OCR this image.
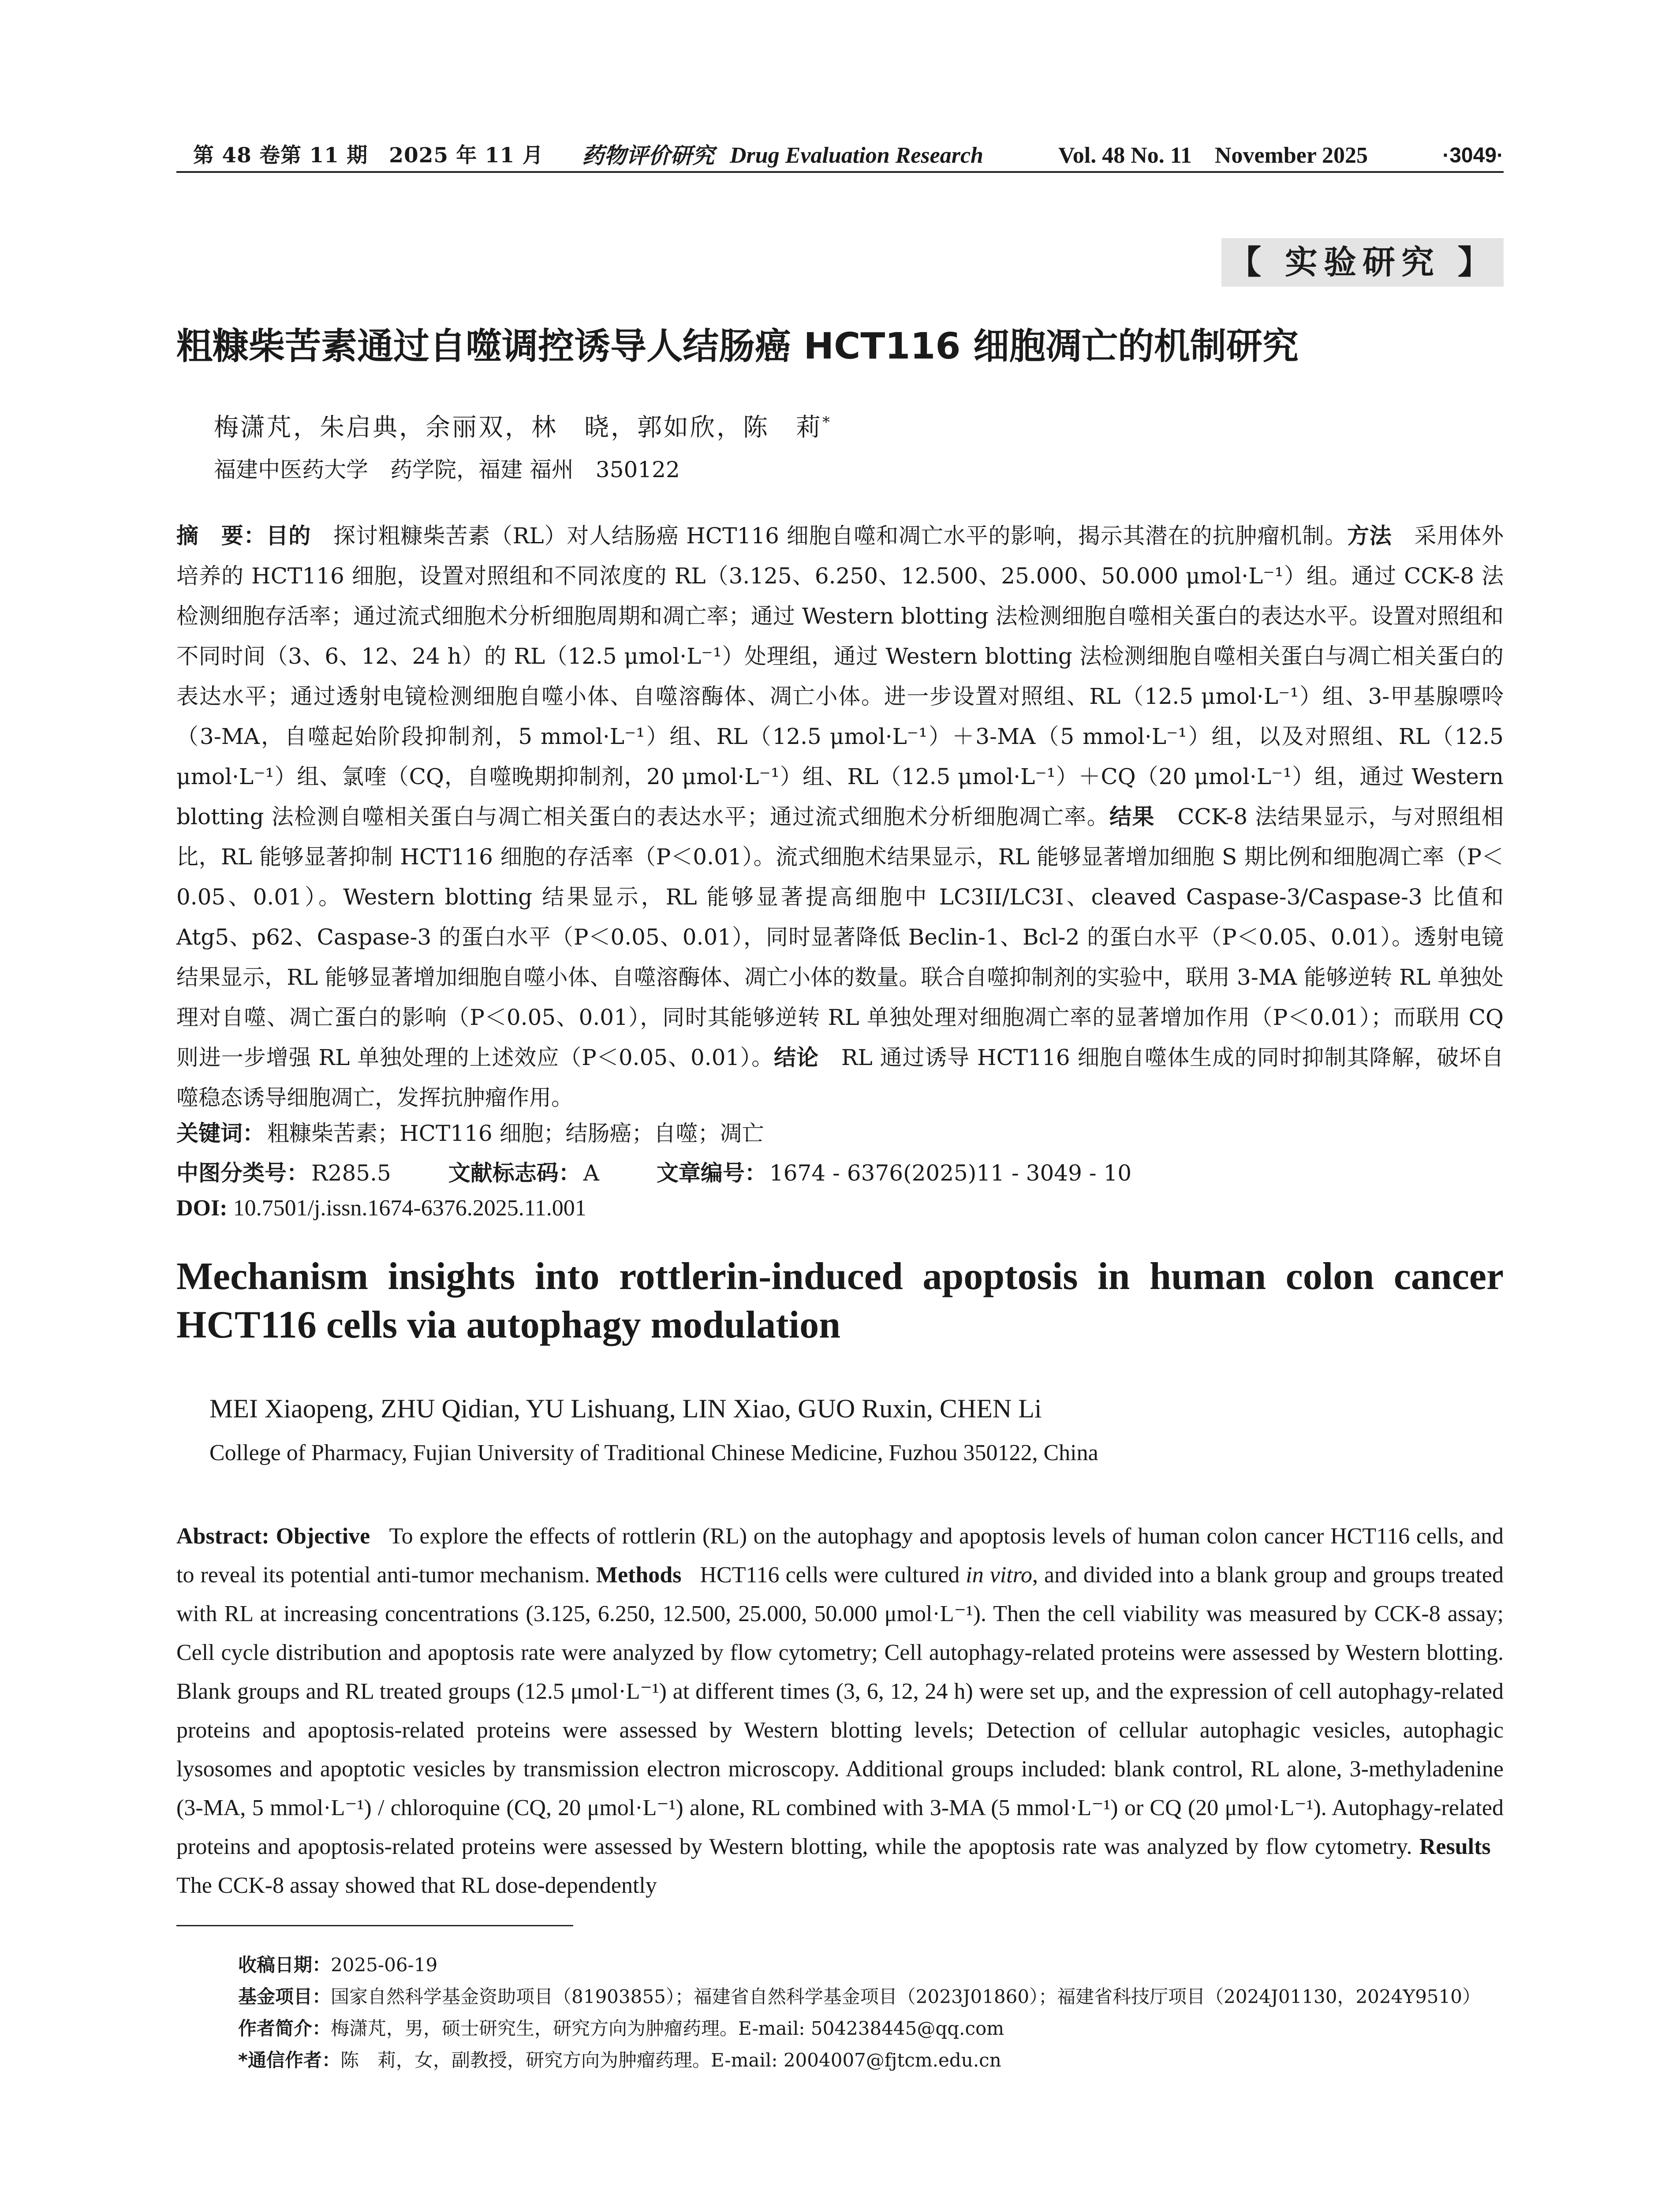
第 48 卷第 11 期　2025 年 11 月 药物评价研究 Drug Evaluation Research	Vol. 48 No. 11　November 2025	·3049·
【 实验研究 】
粗糠柴苦素通过自噬调控诱导人结肠癌 HCT116 细胞凋亡的机制研究
梅潇芃，朱启典，余丽双，林　晓，郭如欣，陈　莉*
福建中医药大学　药学院，福建 福州　350122

摘　要：目的　 探讨粗糠柴苦素（RL）对人结肠癌 HCT116 细胞自噬和凋亡水平的影响，揭示其潜在的抗肿瘤机制。方法　 采用体外培养的 HCT116 细胞，设置对照组和不同浓度的 RL（3.125、6.250、12.500、25.000、50.000 μmol·L⁻¹）组。通过 CCK-8 法检测细胞存活率；通过流式细胞术分析细胞周期和凋亡率；通过 Western blotting 法检测细胞自噬相关蛋白的表达水平。设置对照组和不同时间（3、6、12、24 h）的 RL（12.5 μmol·L⁻¹）处理组，通过 Western blotting 法检测细胞自噬相关蛋白与凋亡相关蛋白的表达水平；通过透射电镜检测细胞自噬小体、自噬溶酶体、凋亡小体。进一步设置对照组、RL（12.5 μmol·L⁻¹）组、3-甲基腺嘌呤（3-MA，自噬起始阶段抑制剂，5 mmol·L⁻¹）组、RL（12.5 μmol·L⁻¹）＋3-MA（5 mmol·L⁻¹）组，以及对照组、RL（12.5 μmol·L⁻¹）组、氯喹（CQ，自噬晚期抑制剂，20 μmol·L⁻¹）组、RL（12.5 μmol·L⁻¹）＋CQ（20 μmol·L⁻¹）组，通过 Western blotting 法检测自噬相关蛋白与凋亡相关蛋白的表达水平；通过流式细胞术分析细胞凋亡率。结果　 CCK-8 法结果显示，与对照组相比，RL 能够显著抑制 HCT116 细胞的存活率（P＜0.01）。流式细胞术结果显示，RL 能够显著增加细胞 S 期比例和细胞凋亡率（P＜0.05、0.01）。Western blotting 结果显示，RL 能够显著提高细胞中 LC3II/LC3I、cleaved Caspase-3/Caspase-3 比值和 Atg5、p62、Caspase-3 的蛋白水平（P＜0.05、0.01），同时显著降低 Beclin-1、Bcl-2 的蛋白水平（P＜0.05、0.01）。透射电镜结果显示，RL 能够显著增加细胞自噬小体、自噬溶酶体、凋亡小体的数量。联合自噬抑制剂的实验中，联用 3-MA 能够逆转 RL 单独处理对自噬、凋亡蛋白的影响（P＜0.05、0.01），同时其能够逆转 RL 单独处理对细胞凋亡率的显著增加作用（P＜0.01）；而联用 CQ 则进一步增强 RL 单独处理的上述效应（P＜0.05、0.01）。结论　 RL 通过诱导 HCT116 细胞自噬体生成的同时抑制其降解，破坏自噬稳态诱导细胞凋亡，发挥抗肿瘤作用。

关键词： 粗糠柴苦素；HCT116 细胞；结肠癌；自噬；凋亡
中图分类号： R285.5	文献标志码： A	文章编号： 1674 - 6376(2025)11 - 3049 - 10
DOI: 10.7501/j.issn.1674-6376.2025.11.001

Mechanism insights into rottlerin-induced apoptosis in human colon cancer HCT116 cells via autophagy modulation

MEI Xiaopeng, ZHU Qidian, YU Lishuang, LIN Xiao, GUO Ruxin, CHEN Li
College of Pharmacy, Fujian University of Traditional Chinese Medicine, Fuzhou 350122, China

Abstract: Objective To explore the effects of rottlerin (RL) on the autophagy and apoptosis levels of human colon cancer HCT116 cells, and to reveal its potential anti-tumor mechanism. Methods HCT116 cells were cultured in vitro, and divided into a blank group and groups treated with RL at increasing concentrations (3.125, 6.250, 12.500, 25.000, 50.000 μmol·L⁻¹). Then the cell viability was measured by CCK-8 assay; Cell cycle distribution and apoptosis rate were analyzed by flow cytometry; Cell autophagy-related proteins were assessed by Western blotting. Blank groups and RL treated groups (12.5 μmol·L⁻¹) at different times (3, 6, 12, 24 h) were set up, and the expression of cell autophagy-related proteins and apoptosis-related proteins were assessed by Western blotting levels; Detection of cellular autophagic vesicles, autophagic lysosomes and apoptotic vesicles by transmission electron microscopy. Additional groups included: blank control, RL alone, 3-methyladenine (3-MA, 5 mmol·L⁻¹) / chloroquine (CQ, 20 μmol·L⁻¹) alone, RL combined with 3-MA (5 mmol·L⁻¹) or CQ (20 μmol·L⁻¹). Autophagy-related proteins and apoptosis-related proteins were assessed by Western blotting, while the apoptosis rate was analyzed by flow cytometry. Results   The CCK-8 assay showed that RL dose-dependently

收稿日期：2025-06-19
基金项目：国家自然科学基金资助项目（81903855）；福建省自然科学基金项目（2023J01860）；福建省科技厅项目（2024J01130，2024Y9510）
作者简介：梅潇芃，男，硕士研究生，研究方向为肿瘤药理。E-mail: 504238445@qq.com
*通信作者：陈　莉，女，副教授，研究方向为肿瘤药理。E-mail: 2004007@fjtcm.edu.cn
